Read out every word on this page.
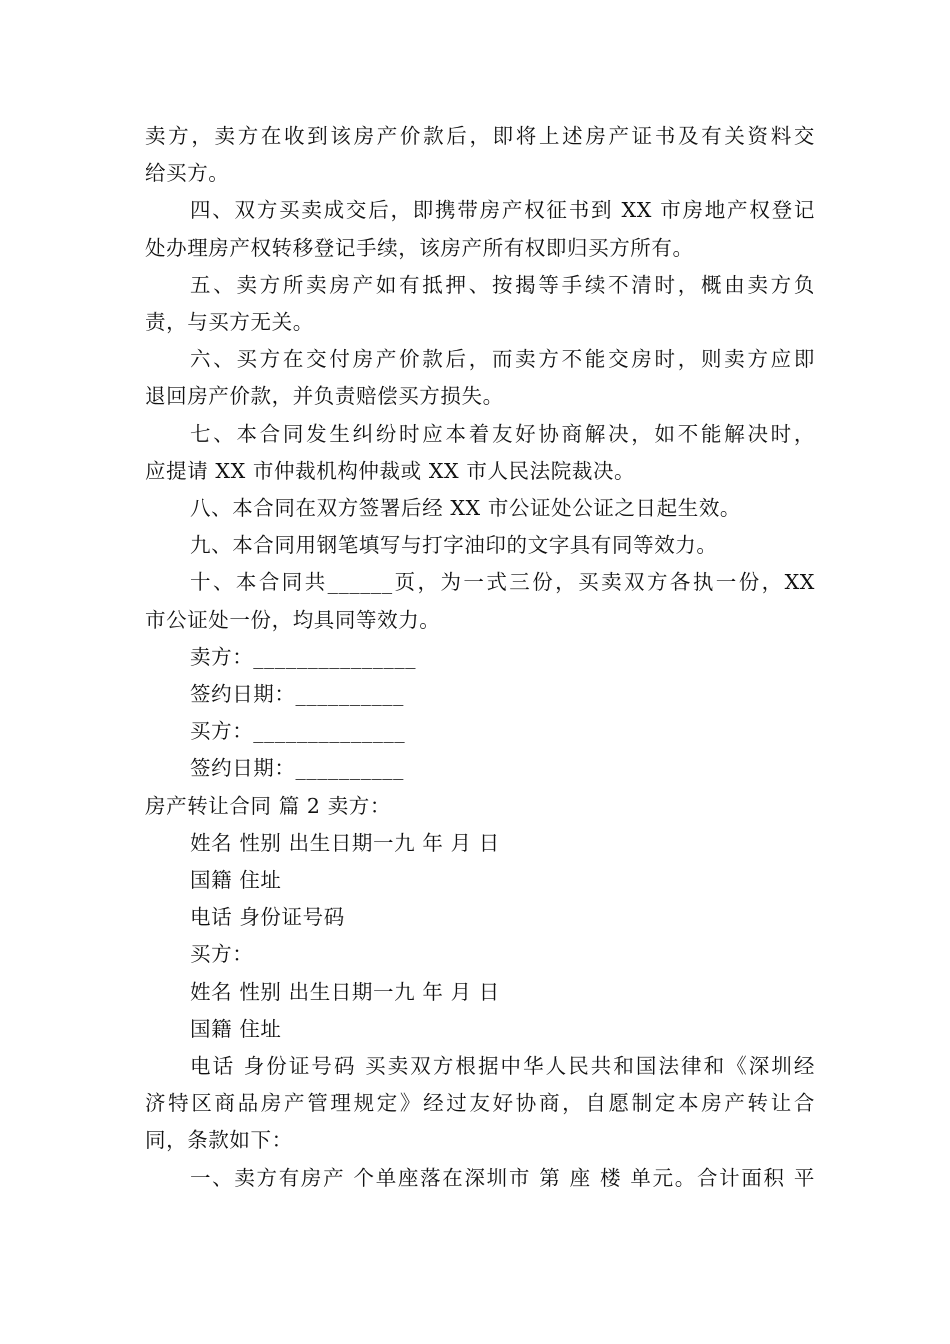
卖方，卖方在收到该房产价款后，即将上述房产证书及有关资料交
给买方。
四、双方买卖成交后，即携带房产权征书到 XX 市房地产权登记
处办理房产权转移登记手续，该房产所有权即归买方所有。
五、卖方所卖房产如有抵押、按揭等手续不清时，概由卖方负
责，与买方无关。
六、买方在交付房产价款后，而卖方不能交房时，则卖方应即
退回房产价款，并负责赔偿买方损失。
七、本合同发生纠纷时应本着友好协商解决，如不能解决时，
应提请 XX 市仲裁机构仲裁或 XX 市人民法院裁决。
八、本合同在双方签署后经 XX 市公证处公证之日起生效。
九、本合同用钢笔填写与打字油印的文字具有同等效力。
十、本合同共______页，为一式三份，买卖双方各执一份，XX
市公证处一份，均具同等效力。
卖方：_______________
签约日期：__________
买方：______________
签约日期：__________
房产转让合同 篇 2 卖方：
姓名 性别 出生日期一九 年 月 日
国籍 住址
电话 身份证号码
买方：
姓名 性别 出生日期一九 年 月 日
国籍 住址
电话 身份证号码 买卖双方根据中华人民共和国法律和《深圳经
济特区商品房产管理规定》经过友好协商，自愿制定本房产转让合
同，条款如下：
一、卖方有房产 个单座落在深圳市 第 座 楼 单元。合计面积 平
